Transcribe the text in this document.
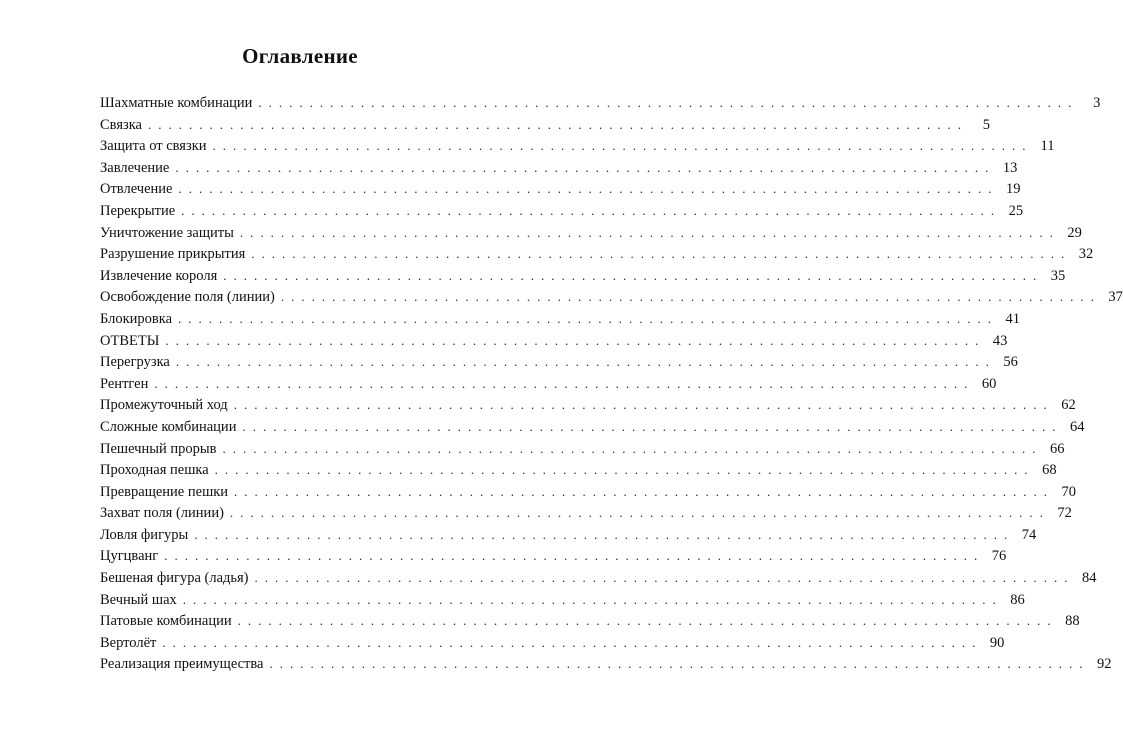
Оглавление
Шахматные комбинации ................................................................................	3
Связка ................................................................................	5
Защита от связки ................................................................................ 11
Завлечение ................................................................................ 13
Отвлечение ................................................................................ 19
Перекрытие ................................................................................ 25
Уничтожение защиты ................................................................................ 29
Разрушение прикрытия ................................................................................ 32
Извлечение короля ................................................................................ 35
Освобождение поля (линии) ................................................................................ 37
Блокировка ................................................................................ 41
ОТВЕТЫ ................................................................................ 43
Перегрузка ................................................................................ 56
Рентген ................................................................................ 60
Промежуточный ход ................................................................................ 62
Сложные комбинации ................................................................................ 64
Пешечный прорыв ................................................................................ 66
Проходная пешка ................................................................................ 68
Превращение пешки ................................................................................ 70
Захват поля (линии) ................................................................................ 72
Ловля фигуры ................................................................................ 74
Цугцванг ................................................................................ 76
Бешеная фигура (ладья) ................................................................................ 84
Вечный шах ................................................................................ 86
Патовые комбинации ................................................................................ 88
Вертолёт ................................................................................ 90
Реализация преимущества ................................................................................ 92
